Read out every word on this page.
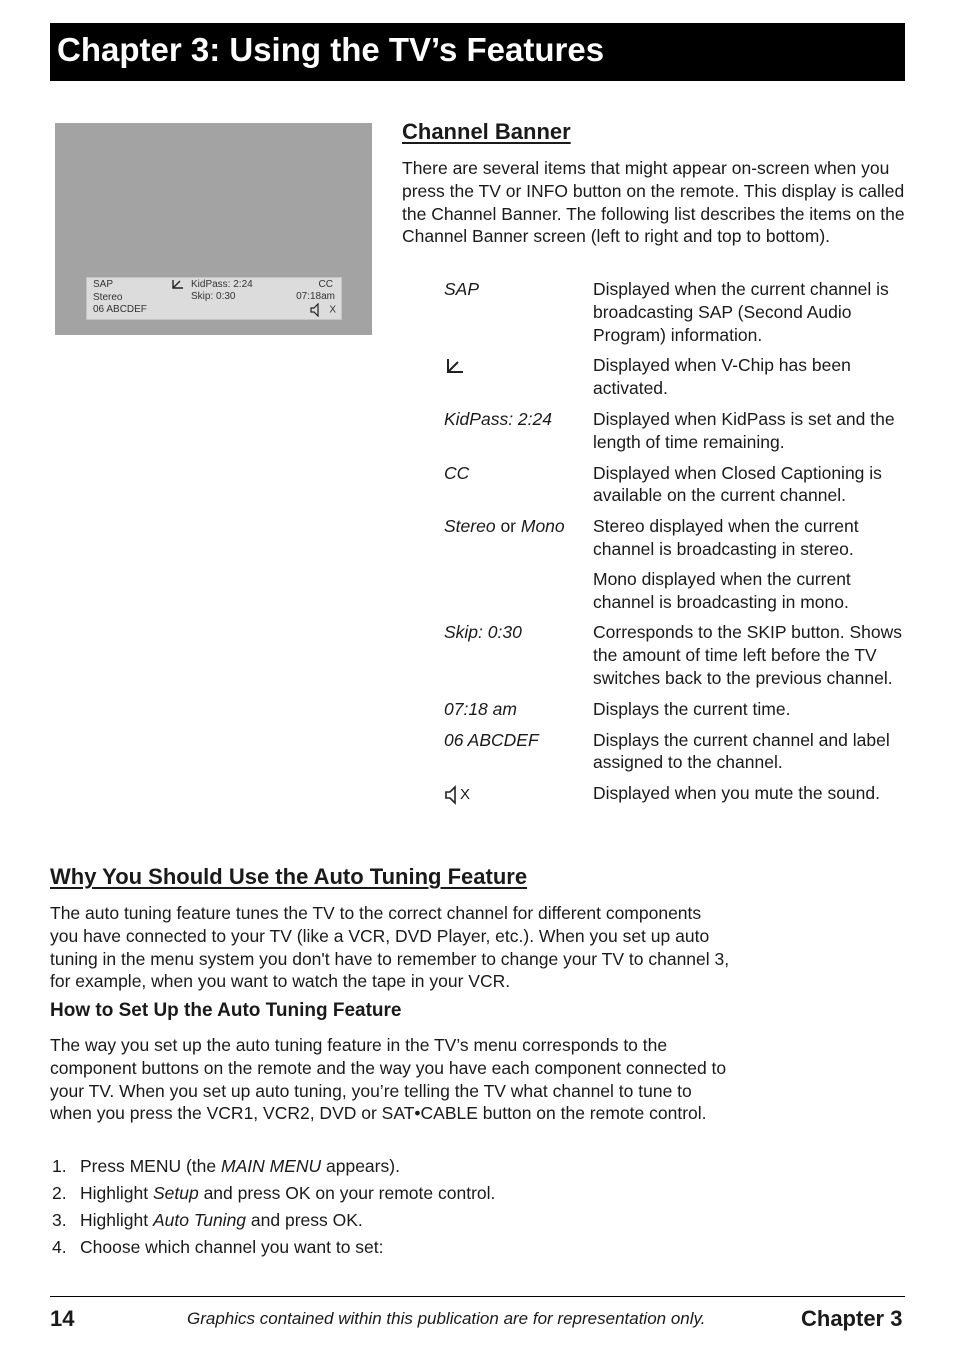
Chapter 3: Using the TV’s Features
SAP
Stereo
06 ABCDEF
KidPass: 2:24
Skip: 0:30
CC
07:18am
X
Channel Banner

There are several items that might appear on-screen when you press the TV or INFO button on the remote. This display is called the Channel Banner. The following list describes the items on the Channel Banner screen (left to right and top to bottom).

SAP	Displayed when the current channel is broadcasting SAP (Second Audio Program) information.
Displayed when V-Chip has been activated.
KidPass: 2:24	Displayed when KidPass is set and the length of time remaining.
CC	Displayed when Closed Captioning is available on the current channel.
Stereo or Mono	Stereo displayed when the current channel is broadcasting in stereo.
Mono displayed when the current channel is broadcasting in mono.
Skip: 0:30	Corresponds to the SKIP button. Shows the amount of time left before the TV switches back to the previous channel.
07:18 am	Displays the current time.
06 ABCDEF	Displays the current channel and label assigned to the channel.
X	Displayed when you mute the sound.
Why You Should Use the Auto Tuning Feature

The auto tuning feature tunes the TV to the correct channel for different components you have connected to your TV (like a VCR, DVD Player, etc.). When you set up auto tuning in the menu system you don't have to remember to change your TV to channel 3, for example, when you want to watch the tape in your VCR.

How to Set Up the Auto Tuning Feature

The way you set up the auto tuning feature in the TV’s menu corresponds to the component buttons on the remote and the way you have each component connected to your TV. When you set up auto tuning, you’re telling the TV what channel to tune to when you press the VCR1, VCR2, DVD or SAT•CABLE button on the remote control.

1. Press MENU (the MAIN MENU appears).
2. Highlight Setup and press OK on your remote control.
3. Highlight Auto Tuning and press OK.
4. Choose which channel you want to set:
14	Graphics contained within this publication are for representation only.	Chapter 3
